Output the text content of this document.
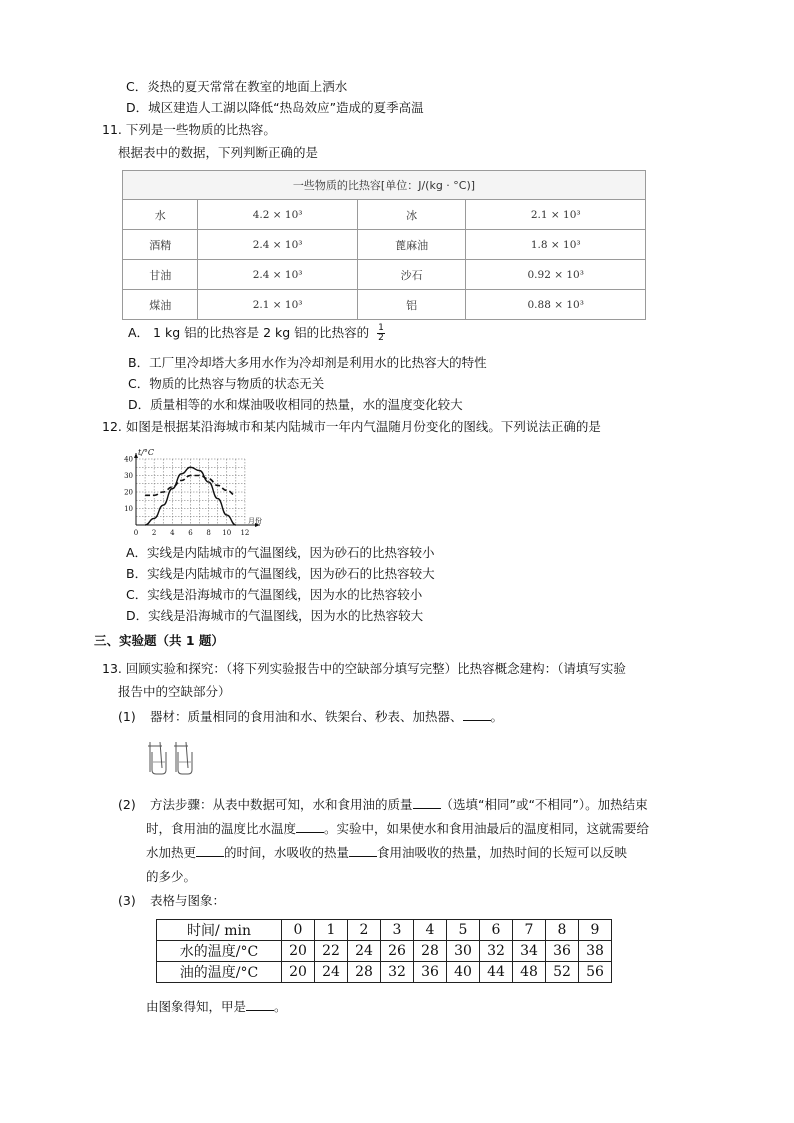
C．炎热的夏天常常在教室的地面上洒水
D．城区建造人工湖以降低“热岛效应”造成的夏季高温
11. 下列是一些物质的比热容。
根据表中的数据，下列判断正确的是
一些物质的比热容[单位：J/(kg · °C)]			
水	4.2 × 10³	冰	2.1 × 10³
酒精	2.4 × 10³	蓖麻油	1.8 × 10³
甘油	2.4 × 10³	沙石	0.92 × 10³
煤油	2.1 × 10³	铝	0.88 × 10³
A． 1 kg 铝的比热容是 2 kg 铝的比热容的 $\frac{1}{2}$
B．工厂里冷却塔大多用水作为冷却剂是利用水的比热容大的特性
C．物质的比热容与物质的状态无关
D．质量相等的水和煤油吸收相同的热量，水的温度变化较大
12. 如图是根据某沿海城市和某内陆城市一年内气温随月份变化的图线。下列说法正确的是
0 2 4 6 8 10 12
10
20
30
40
t/°C
月份
A．实线是内陆城市的气温图线，因为砂石的比热容较小
B．实线是内陆城市的气温图线，因为砂石的比热容较大
C．实线是沿海城市的气温图线，因为水的比热容较小
D．实线是沿海城市的气温图线，因为水的比热容较大
三、实验题（共 1 题）
13. 回顾实验和探究：（将下列实验报告中的空缺部分填写完整）比热容概念建构：（请填写实验
报告中的空缺部分）
(1) 器材：质量相同的食用油和水、铁架台、秒表、加热器、 。
(2) 方法步骤：从表中数据可知，水和食用油的质量 （选填“相同”或“不相同”）。加热结束
时，食用油的温度比水温度 。实验中，如果使水和食用油最后的温度相同，这就需要给
水加热更 的时间，水吸收的热量 食用油吸收的热量，加热时间的长短可以反映
的多少。
(3) 表格与图象：
时间/ min	0	1	2	3	4	5	6	7	8	9
水的温度/°C	20	22	24	26	28	30	32	34	36	38
油的温度/°C	20	24	28	32	36	40	44	48	52	56
由图象得知，甲是 。
